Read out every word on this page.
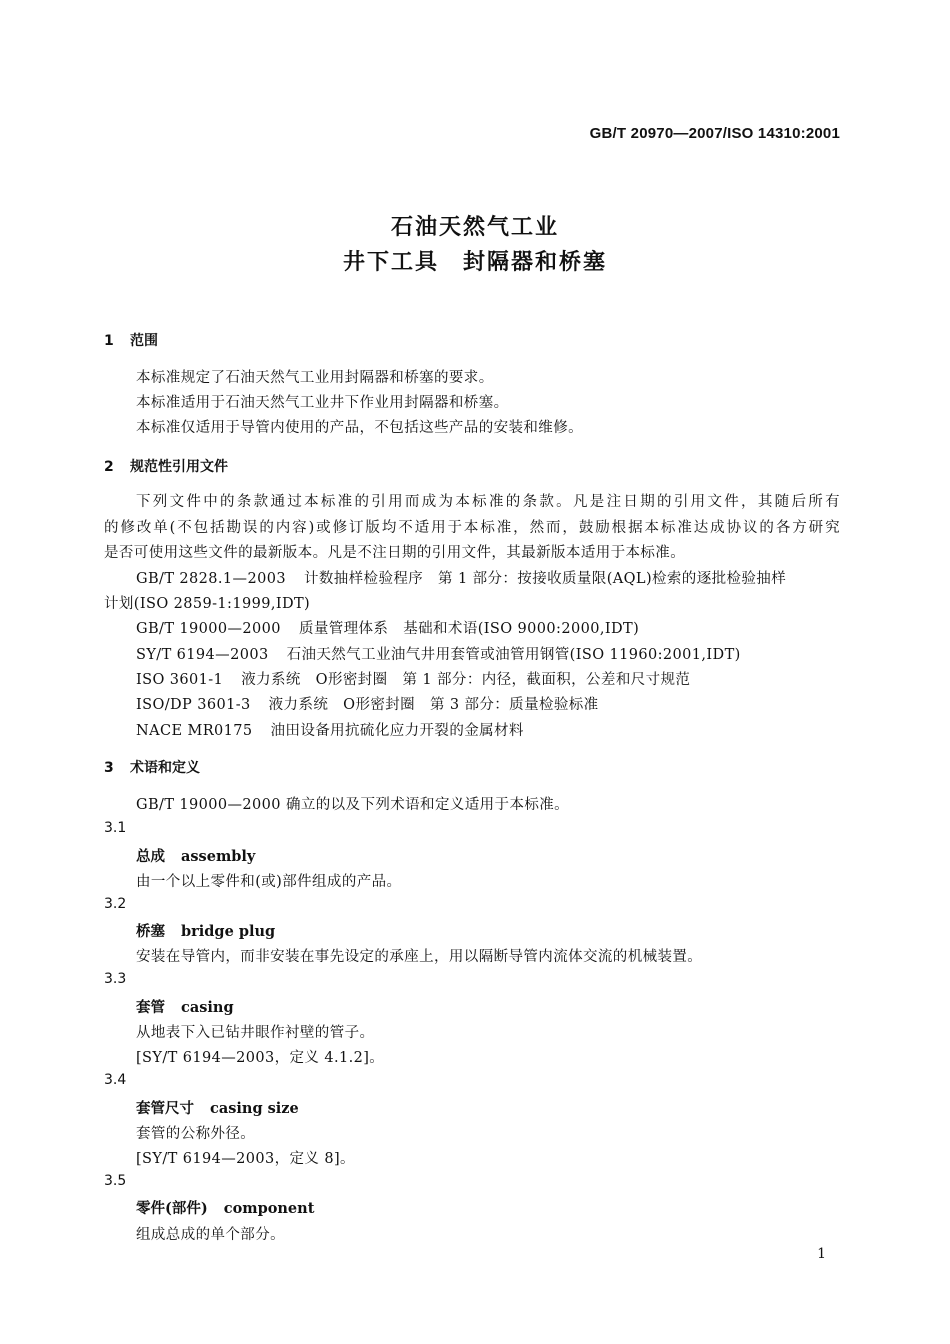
GB/T 20970—2007/ISO 14310:2001
石油天然气工业
井下工具　封隔器和桥塞
1 范围
本标准规定了石油天然气工业用封隔器和桥塞的要求。
本标准适用于石油天然气工业井下作业用封隔器和桥塞。
本标准仅适用于导管内使用的产品，不包括这些产品的安装和维修。
2 规范性引用文件
下列文件中的条款通过本标准的引用而成为本标准的条款。凡是注日期的引用文件，其随后所有
的修改单(不包括勘误的内容)或修订版均不适用于本标准，然而，鼓励根据本标准达成协议的各方研究
是否可使用这些文件的最新版本。凡是不注日期的引用文件，其最新版本适用于本标准。
GB/T 2828.1—2003 计数抽样检验程序　第 1 部分：按接收质量限(AQL)检索的逐批检验抽样
计划(ISO 2859-1:1999,IDT)
GB/T 19000—2000 质量管理体系　基础和术语(ISO 9000:2000,IDT)
SY/T 6194—2003 石油天然气工业油气井用套管或油管用钢管(ISO 11960:2001,IDT)
ISO 3601-1 液力系统　O形密封圈　第 1 部分：内径，截面积，公差和尺寸规范
ISO/DP 3601-3 液力系统　O形密封圈　第 3 部分：质量检验标准
NACE MR0175 油田设备用抗硫化应力开裂的金属材料
3 术语和定义
GB/T 19000—2000 确立的以及下列术语和定义适用于本标准。
3.1
总成 assembly
由一个以上零件和(或)部件组成的产品。
3.2
桥塞 bridge plug
安装在导管内，而非安装在事先设定的承座上，用以隔断导管内流体交流的机械装置。
3.3
套管 casing
从地表下入已钻井眼作衬壁的管子。
[SY/T 6194—2003，定义 4.1.2]。
3.4
套管尺寸 casing size
套管的公称外径。
[SY/T 6194—2003，定义 8]。
3.5
零件(部件) component
组成总成的单个部分。
1
